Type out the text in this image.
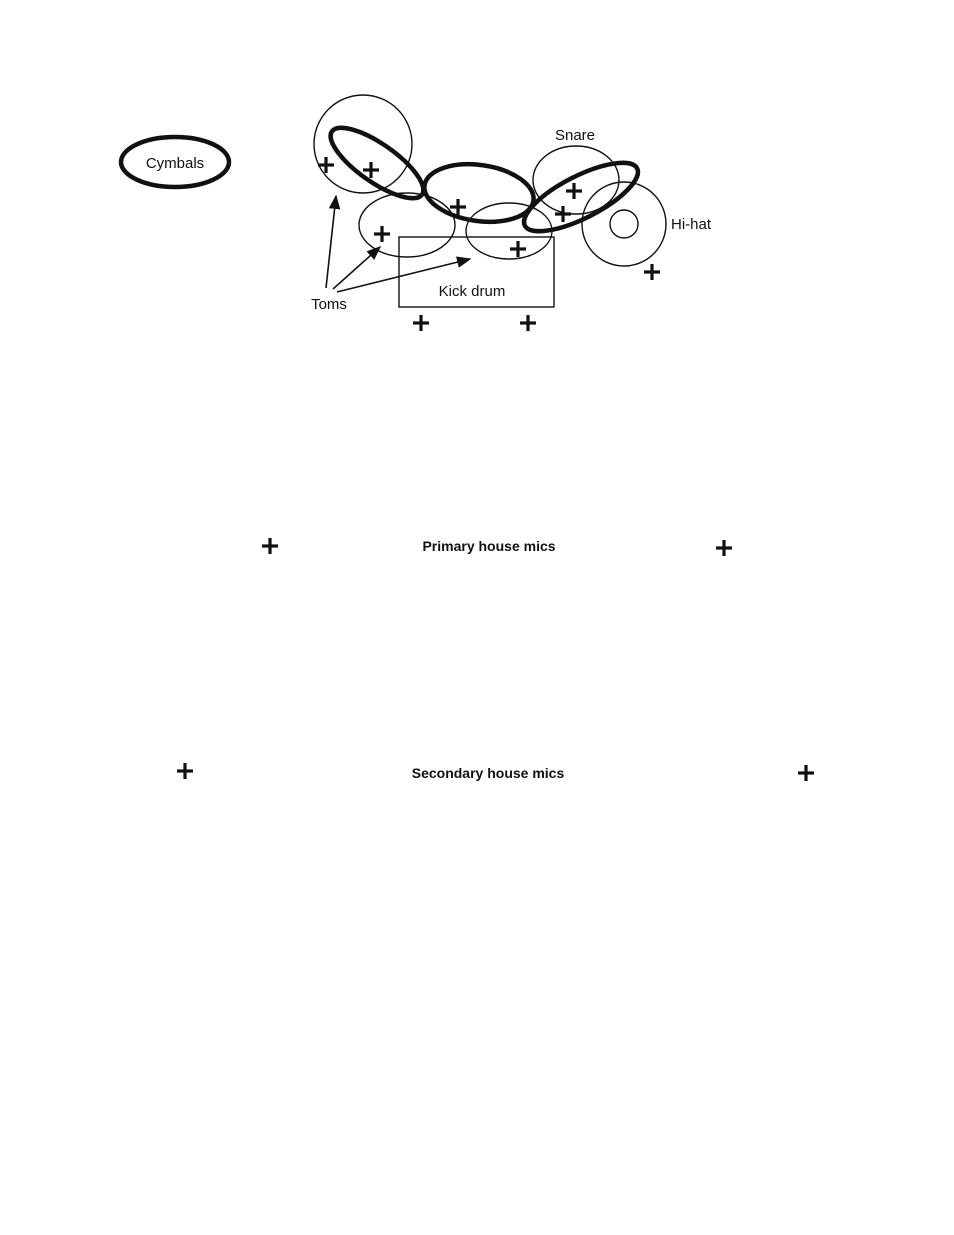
Cymbals
Snare
Hi-hat
Kick drum
Toms
Primary house mics
Secondary house mics
